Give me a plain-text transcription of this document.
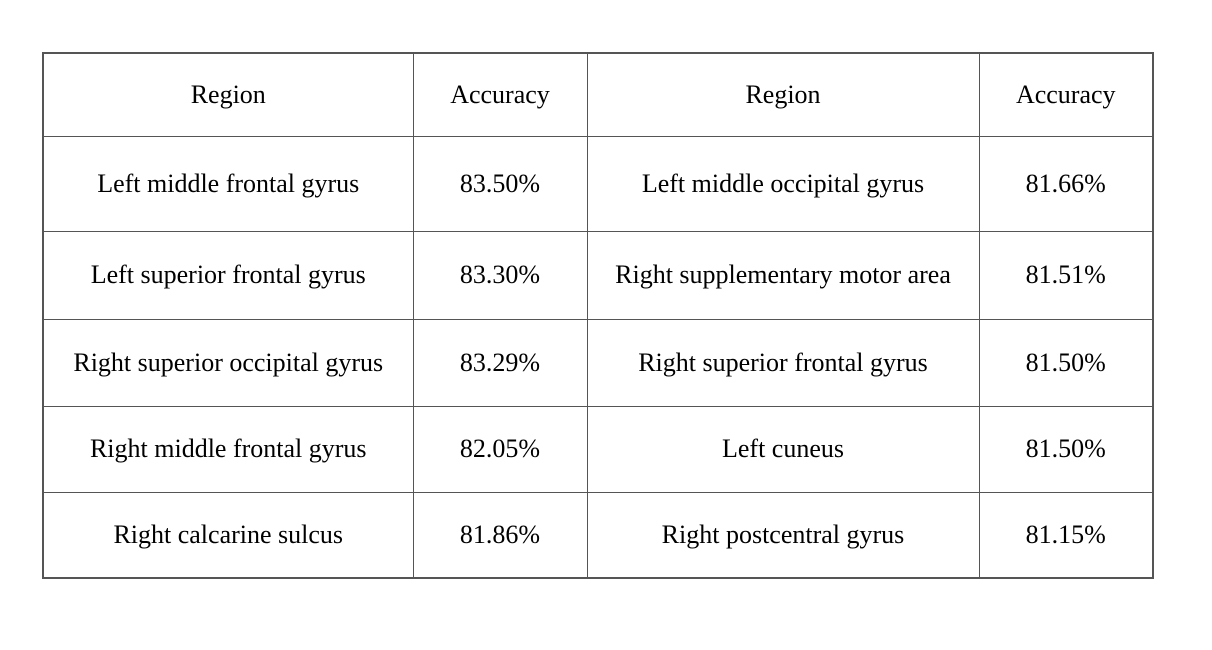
Region	Accuracy	Region	Accuracy
Left middle frontal gyrus	83.50%	Left middle occipital gyrus	81.66%
Left superior frontal gyrus	83.30%	Right supplementary motor area	81.51%
Right superior occipital gyrus	83.29%	Right superior frontal gyrus	81.50%
Right middle frontal gyrus	82.05%	Left cuneus	81.50%
Right calcarine sulcus	81.86%	Right postcentral gyrus	81.15%
